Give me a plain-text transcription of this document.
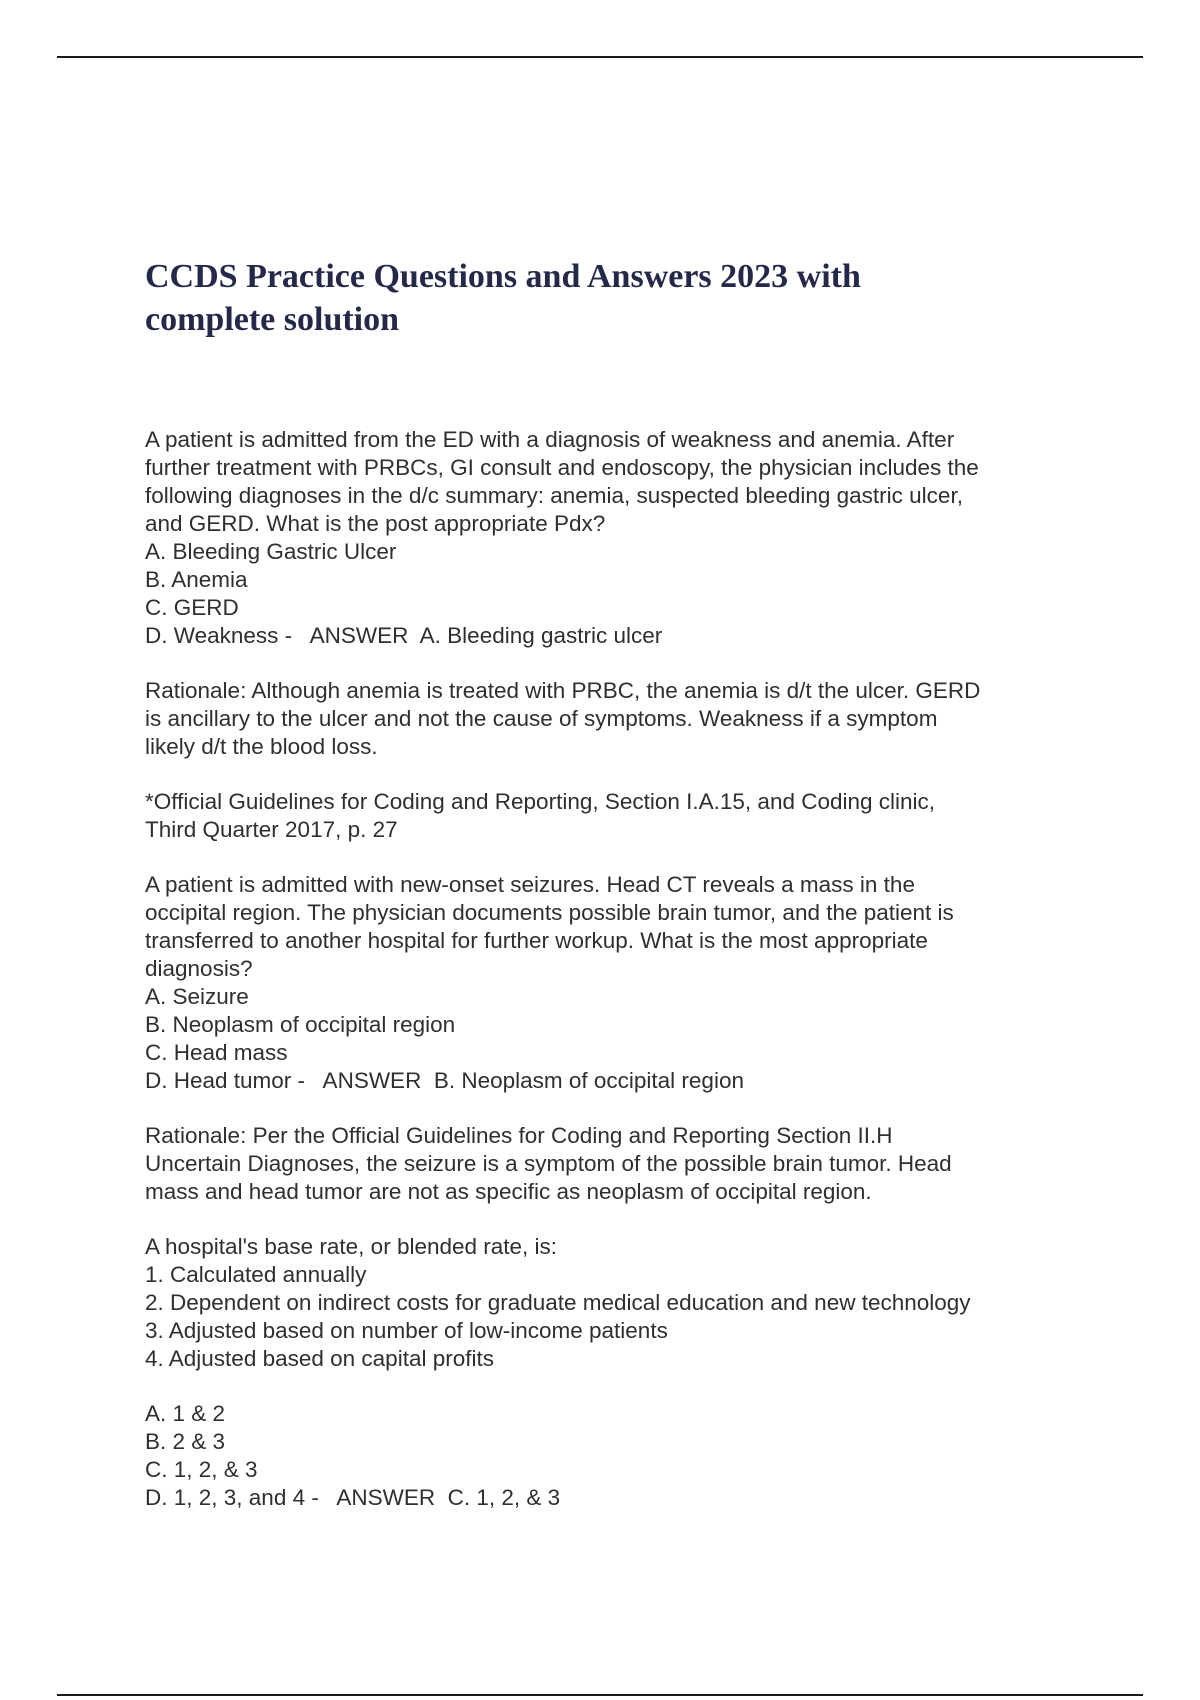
CCDS Practice Questions and Answers 2023 with
complete solution
A patient is admitted from the ED with a diagnosis of weakness and anemia. After
further treatment with PRBCs, GI consult and endoscopy, the physician includes the
following diagnoses in the d/c summary: anemia, suspected bleeding gastric ulcer,
and GERD. What is the post appropriate Pdx?
A. Bleeding Gastric Ulcer
B. Anemia
C. GERD
D. Weakness -   ANSWER  A. Bleeding gastric ulcer
Rationale: Although anemia is treated with PRBC, the anemia is d/t the ulcer. GERD
is ancillary to the ulcer and not the cause of symptoms. Weakness if a symptom
likely d/t the blood loss.
*Official Guidelines for Coding and Reporting, Section I.A.15, and Coding clinic,
Third Quarter 2017, p. 27
A patient is admitted with new-onset seizures. Head CT reveals a mass in the
occipital region. The physician documents possible brain tumor, and the patient is
transferred to another hospital for further workup. What is the most appropriate
diagnosis?
A. Seizure
B. Neoplasm of occipital region
C. Head mass
D. Head tumor -   ANSWER  B. Neoplasm of occipital region
Rationale: Per the Official Guidelines for Coding and Reporting Section II.H
Uncertain Diagnoses, the seizure is a symptom of the possible brain tumor. Head
mass and head tumor are not as specific as neoplasm of occipital region.
A hospital's base rate, or blended rate, is:
1. Calculated annually
2. Dependent on indirect costs for graduate medical education and new technology
3. Adjusted based on number of low-income patients
4. Adjusted based on capital profits
A. 1 & 2
B. 2 & 3
C. 1, 2, & 3
D. 1, 2, 3, and 4 -   ANSWER  C. 1, 2, & 3
